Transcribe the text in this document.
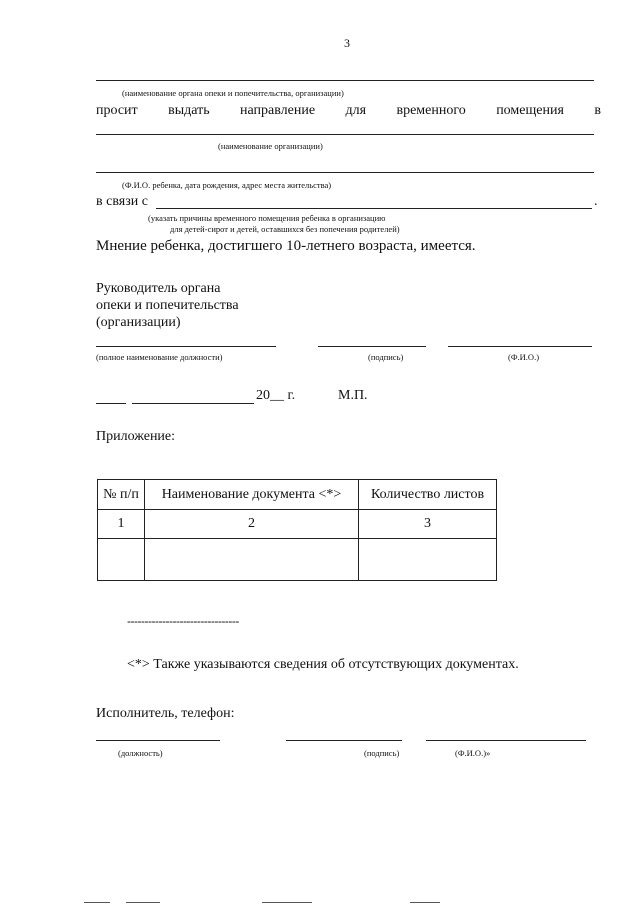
3
(наименование органа опеки и попечительства, организации)
просит выдать направление для временного помещения в
(наименование организации)
(Ф.И.О. ребенка, дата рождения, адрес места жительства)
в связи с	.
(указать причины временного помещения ребенка в организацию
для детей-сирот и детей, оставшихся без попечения родителей)
Мнение ребенка, достигшего 10-летнего возраста, имеется.
Руководитель органа
опеки и попечительства
(организации)
(полное наименование должности)	(подпись)	(Ф.И.О.)
20__ г.	М.П.
Приложение:
№ п/п	Наименование документа <*>	Количество листов
1	2	3

--------------------------------
<*> Также указываются сведения об отсутствующих документах.
Исполнитель, телефон:
(должность)	(подпись)	(Ф.И.О.)»
